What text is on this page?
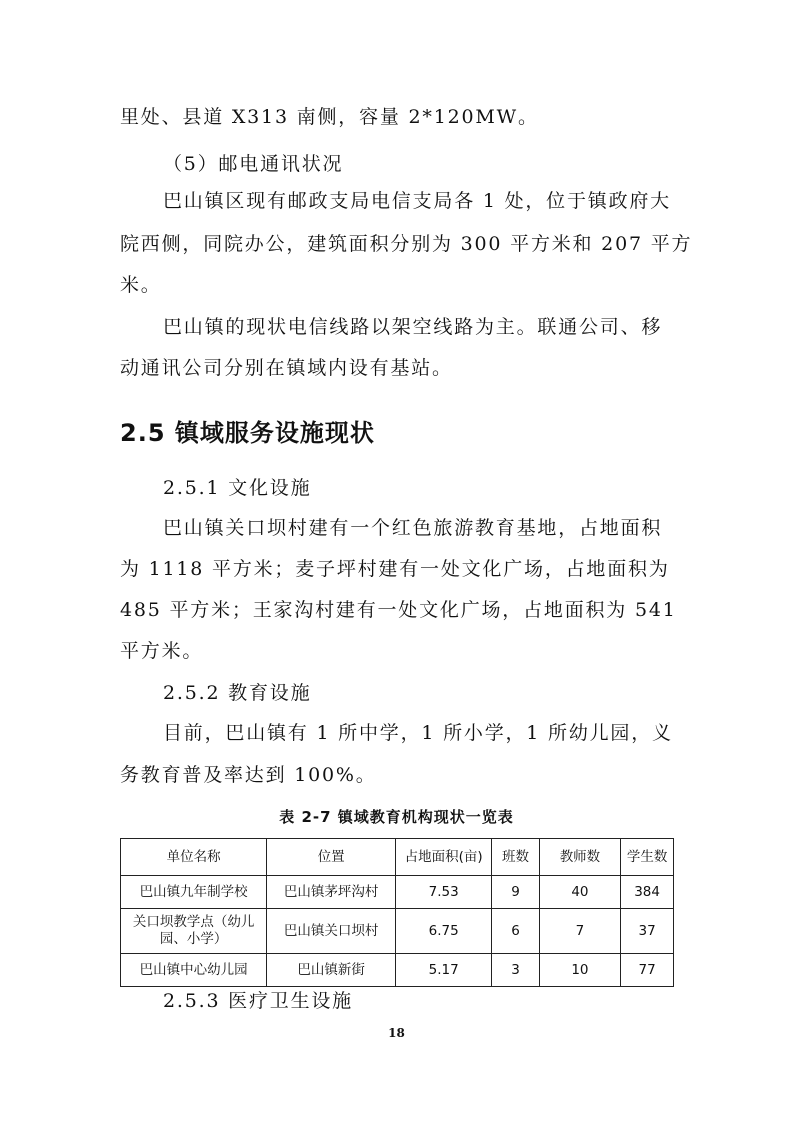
里处、县道 X313 南侧，容量 2*120MW。
（5）邮电通讯状况
巴山镇区现有邮政支局电信支局各 1 处，位于镇政府大
院西侧，同院办公，建筑面积分别为 300 平方米和 207 平方
米。
巴山镇的现状电信线路以架空线路为主。联通公司、移
动通讯公司分别在镇域内设有基站。
2.5 镇域服务设施现状
2.5.1 文化设施
巴山镇关口坝村建有一个红色旅游教育基地，占地面积
为 1118 平方米；麦子坪村建有一处文化广场，占地面积为
485 平方米；王家沟村建有一处文化广场，占地面积为 541
平方米。
2.5.2 教育设施
目前，巴山镇有 1 所中学，1 所小学，1 所幼儿园，义
务教育普及率达到 100%。
表 2-7 镇域教育机构现状一览表
单位名称	位置	占地面积(亩)	班数	教师数	学生数
巴山镇九年制学校	巴山镇茅坪沟村	7.53	9	40	384
关口坝教学点（幼儿园、小学）	巴山镇关口坝村	6.75	6	7	37
巴山镇中心幼儿园	巴山镇新街	5.17	3	10	77
2.5.3 医疗卫生设施
18
